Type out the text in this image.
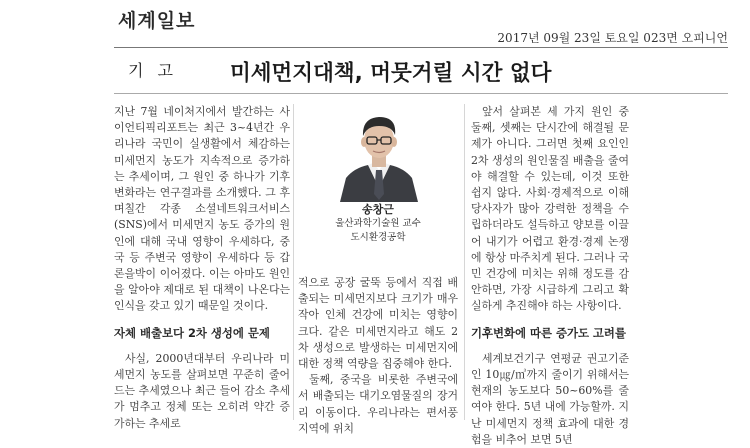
세계일보
2017년 09월 23일 토요일 023면 오피니언
기고 미세먼지대책, 머뭇거릴 시간 없다

지난 7월 네이처지에서 발간하는 사이언티픽리포트는 최근 3~4년간 우리나라 국민이 실생활에서 체감하는 미세먼지 농도가 지속적으로 증가하는 추세이며, 그 원인 중 하나가 기후변화라는 연구결과를 소개했다. 그 후 며칠간 각종 소셜네트워크서비스(SNS)에서 미세먼지 농도 증가의 원인에 대해 국내 영향이 우세하다, 중국 등 주변국 영향이 우세하다 등 갑론을박이 이어졌다. 이는 아마도 원인을 알아야 제대로 된 대책이 나온다는 인식을 갖고 있기 때문일 것이다.

자체 배출보다 2차 생성에 문제

사실, 2000년대부터 우리나라 미세먼지 농도를 살펴보면 꾸준히 줄어드는 추세였으나 최근 들어 감소 추세가 멈추고 정체 또는 오히려 약간 증가하는 추세로

송창근
울산과학기술원 교수
도시환경공학

적으로 공장 굴뚝 등에서 직접 배출되는 미세먼지보다 크기가 매우 작아 인체 건강에 미치는 영향이 크다. 같은 미세먼지라고 해도 2차 생성으로 발생하는 미세먼지에 대한 정책 역량을 집중해야 한다.

둘째, 중국을 비롯한 주변국에서 배출되는 대기오염물질의 장거리 이동이다. 우리나라는 편서풍 지역에 위치

앞서 살펴본 세 가지 원인 중 둘째, 셋째는 단시간에 해결될 문제가 아니다. 그러면 첫째 요인인 2차 생성의 원인물질 배출을 줄여야 해결할 수 있는데, 이것 또한 쉽지 않다. 사회·경제적으로 이해당사자가 많아 강력한 정책을 수립하더라도 설득하고 양보를 이끌어 내기가 어렵고 환경·경제 논쟁에 항상 마주치게 된다. 그러나 국민 건강에 미치는 위해 정도를 감안하면, 가장 시급하게 그리고 확실하게 추진해야 하는 사항이다.

기후변화에 따른 증가도 고려를

세계보건기구 연평균 권고기준인 10㎍/㎥까지 줄이기 위해서는 현재의 농도보다 50~60%를 줄여야 한다. 5년 내에 가능할까. 지난 미세먼지 정책 효과에 대한 경험을 비추어 보면 5년
